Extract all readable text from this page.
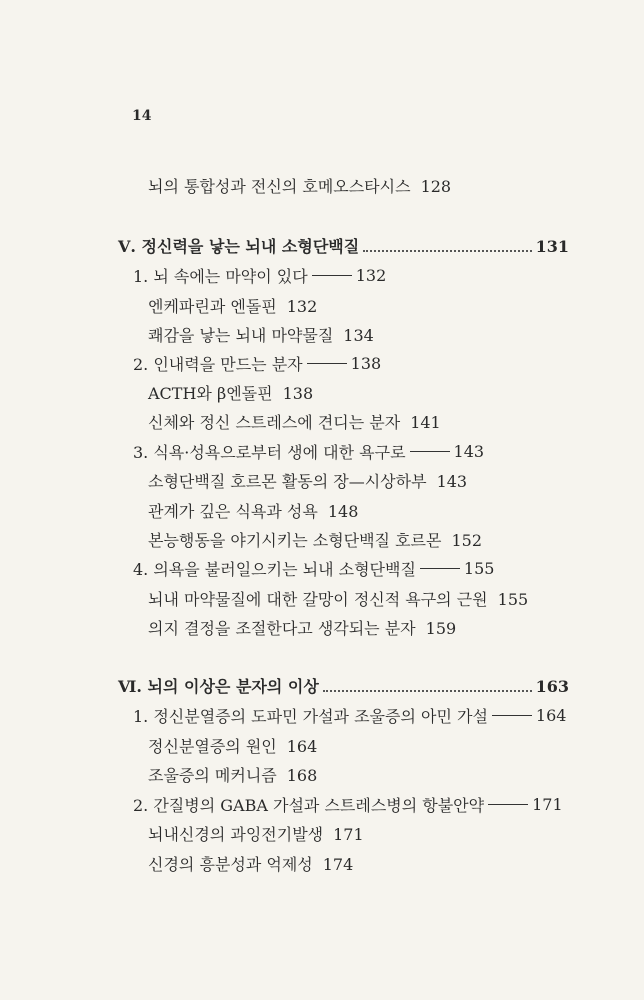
14
뇌의 통합성과 전신의 호메오스타시스 128
Ⅴ. 정신력을 낳는 뇌내 소형단백질	131
1. 뇌 속에는 마약이 있다	132
엔케파린과 엔돌핀 132
쾌감을 낳는 뇌내 마약물질 134
2. 인내력을 만드는 분자	138
ACTH와 β엔돌핀 138
신체와 정신 스트레스에 견디는 분자 141
3. 식욕·성욕으로부터 생에 대한 욕구로	143
소형단백질 호르몬 활동의 장—시상하부 143
관계가 깊은 식욕과 성욕 148
본능행동을 야기시키는 소형단백질 호르몬 152
4. 의욕을 불러일으키는 뇌내 소형단백질	155
뇌내 마약물질에 대한 갈망이 정신적 욕구의 근원 155
의지 결정을 조절한다고 생각되는 분자 159
Ⅵ. 뇌의 이상은 분자의 이상	163
1. 정신분열증의 도파민 가설과 조울증의 아민 가설	164
정신분열증의 원인 164
조울증의 메커니즘 168
2. 간질병의 GABA 가설과 스트레스병의 항불안약	171
뇌내신경의 과잉전기발생 171
신경의 흥분성과 억제성 174
